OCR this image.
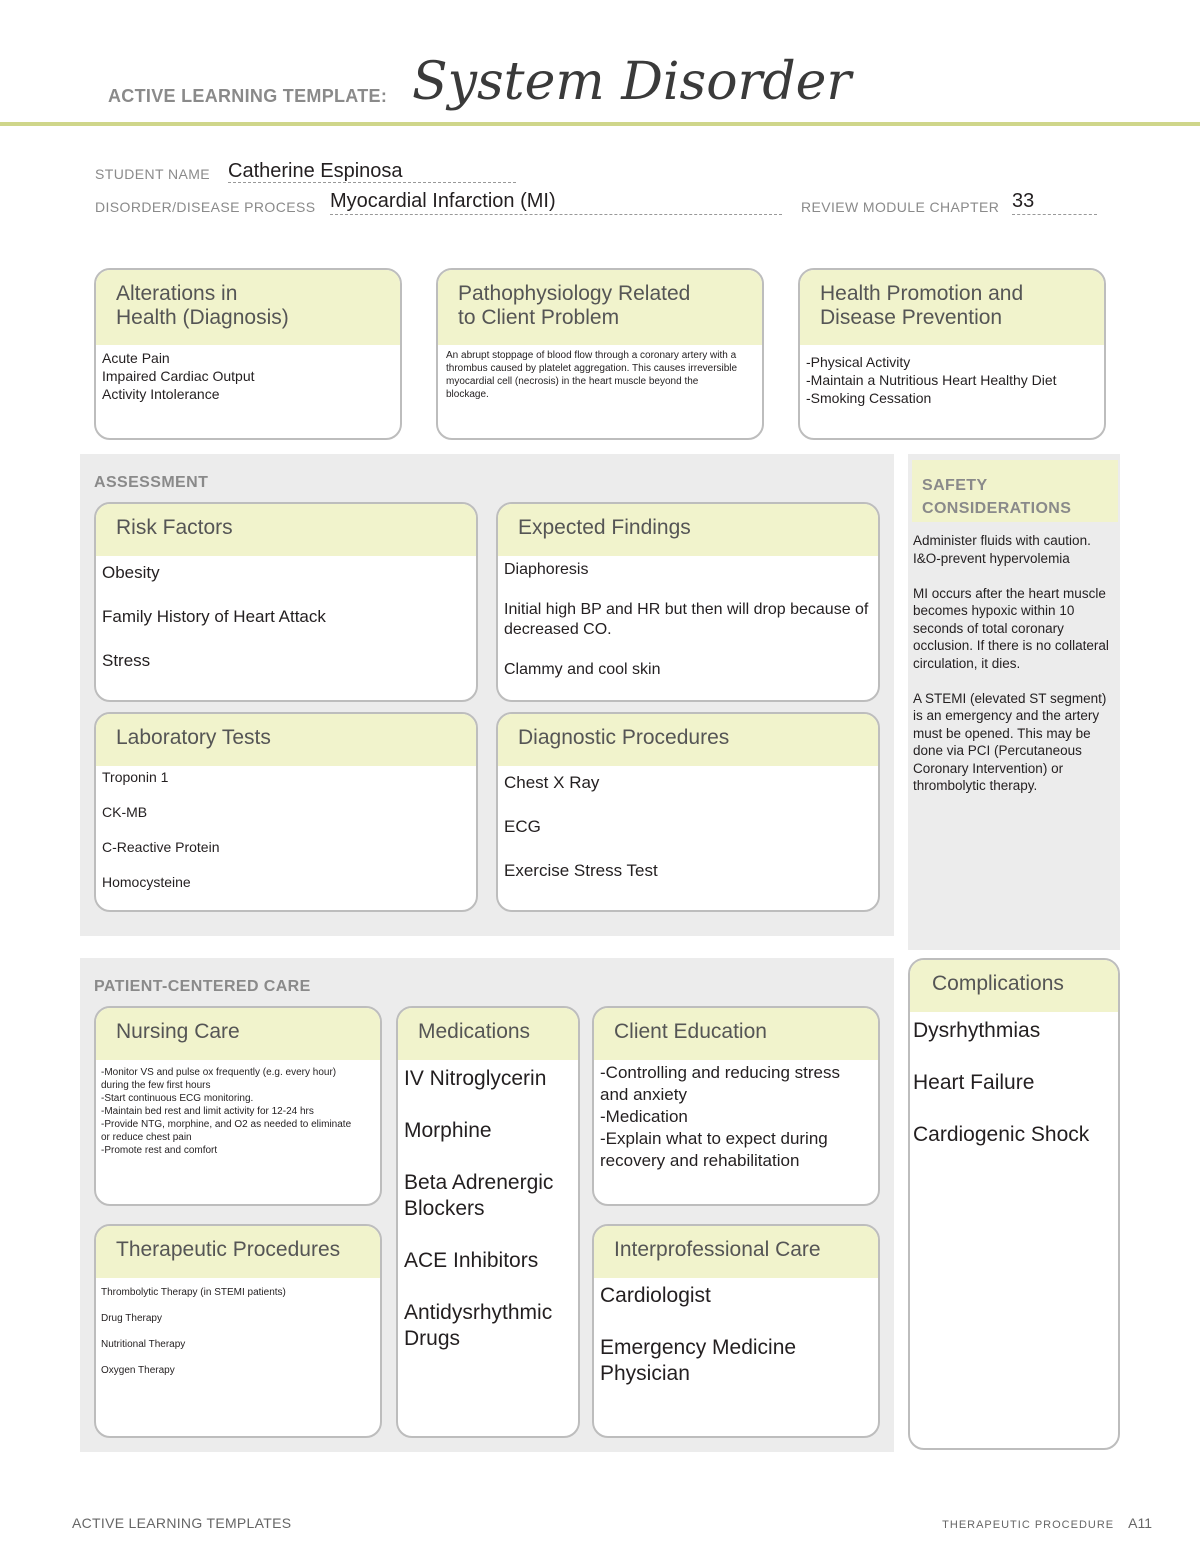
ACTIVE LEARNING TEMPLATE: System Disorder
STUDENT NAME Catherine Espinosa
DISORDER/DISEASE PROCESS Myocardial Infarction (MI)	REVIEW MODULE CHAPTER 33
Alterations in
Health (Diagnosis)
Acute Pain
Impaired Cardiac Output
Activity Intolerance
Pathophysiology Related
to Client Problem
An abrupt stoppage of blood flow through a coronary artery with a thrombus caused by platelet aggregation. This causes irreversible myocardial cell (necrosis) in the heart muscle beyond the blockage.
Health Promotion and
Disease Prevention
-Physical Activity
-Maintain a Nutritious Heart Healthy Diet
-Smoking Cessation
ASSESSMENT
Risk Factors
Obesity

Family History of Heart Attack

Stress
Expected Findings
Diaphoresis

Initial high BP and HR but then will drop because of decreased CO.

Clammy and cool skin
Laboratory Tests
Troponin 1

CK-MB

C-Reactive Protein

Homocysteine
Diagnostic Procedures
Chest X Ray

ECG

Exercise Stress Test
SAFETY
CONSIDERATIONS
Administer fluids with caution. I&O-prevent hypervolemia

MI occurs after the heart muscle becomes hypoxic within 10 seconds of total coronary occlusion. If there is no collateral circulation, it dies.

A STEMI (elevated ST segment) is an emergency and the artery must be opened. This may be done via PCI (Percutaneous Coronary Intervention) or thrombolytic therapy.
PATIENT-CENTERED CARE
Nursing Care
-Monitor VS and pulse ox frequently (e.g. every hour) during the few first hours
-Start continuous ECG monitoring.
-Maintain bed rest and limit activity for 12-24 hrs
-Provide NTG, morphine, and O2 as needed to eliminate or reduce chest pain
-Promote rest and comfort
Medications
IV Nitroglycerin

Morphine

Beta Adrenergic Blockers

ACE Inhibitors

Antidysrhythmic Drugs
Client Education
-Controlling and reducing stress and anxiety
-Medication
-Explain what to expect during recovery and rehabilitation
Therapeutic Procedures
Thrombolytic Therapy (in STEMI patients)

Drug Therapy

Nutritional Therapy

Oxygen Therapy
Interprofessional Care
Cardiologist

Emergency Medicine Physician
Complications
Dysrhythmias

Heart Failure

Cardiogenic Shock
ACTIVE LEARNING TEMPLATES	THERAPEUTIC PROCEDURE A11
